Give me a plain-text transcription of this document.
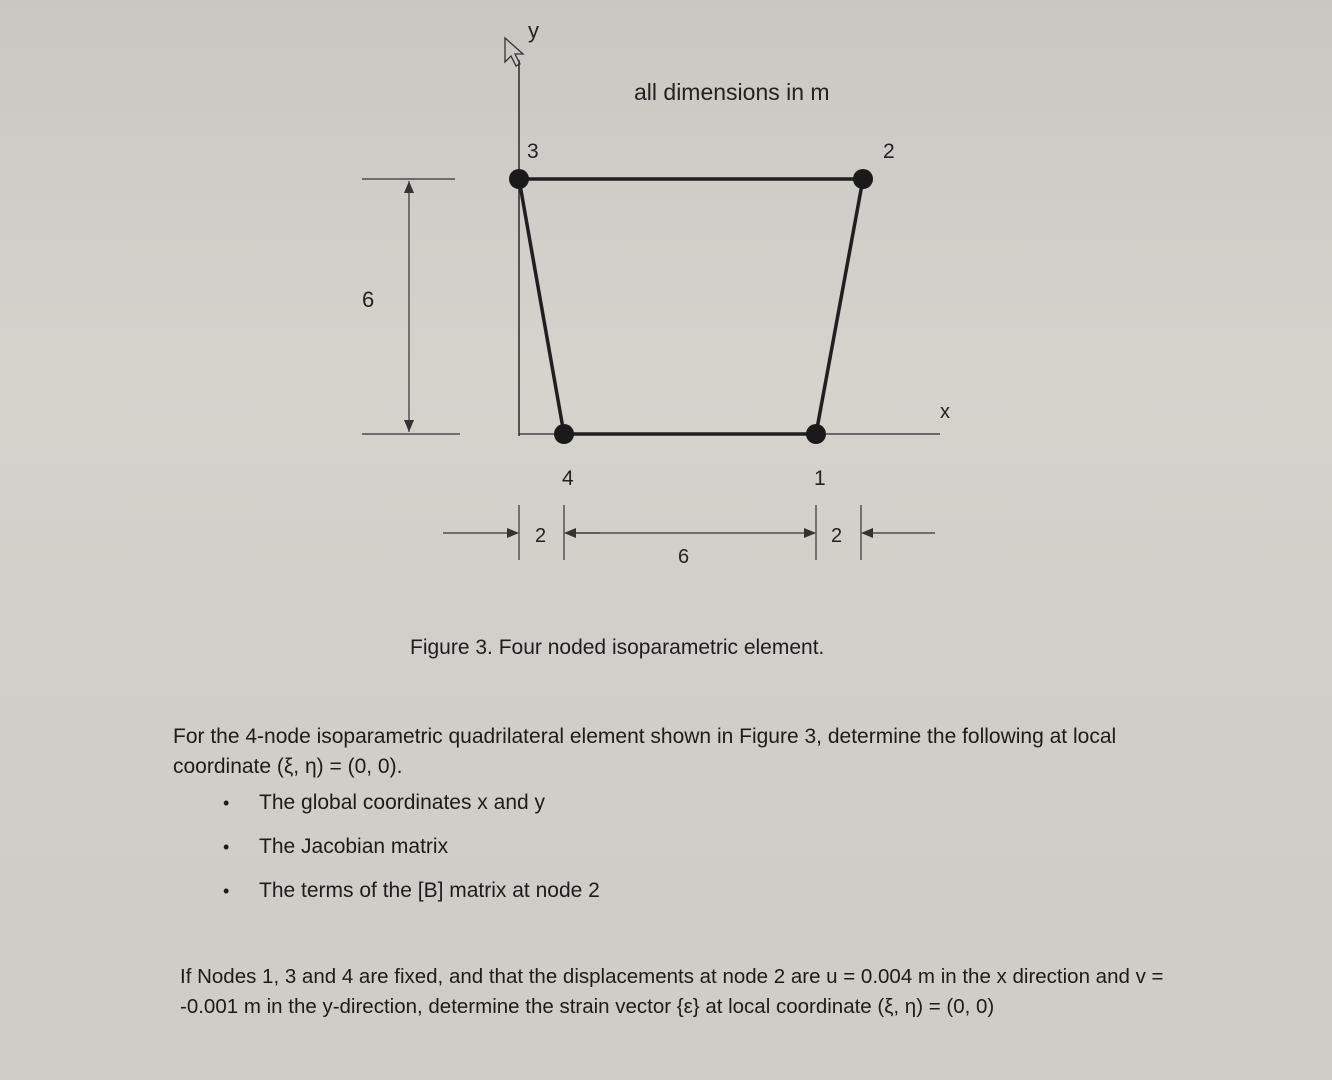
y
x
all dimensions in m
6
3	2
4	1
2
6
2
Figure 3. Four noded isoparametric element.

For the 4-node isoparametric quadrilateral element shown in Figure 3, determine the following at local coordinate (ξ, η) = (0, 0).

• The global coordinates x and y
• The Jacobian matrix
• The terms of the [B] matrix at node 2

If Nodes 1, 3 and 4 are fixed, and that the displacements at node 2 are u = 0.004 m in the x direction and v = -0.001 m in the y-direction, determine the strain vector {ε} at local coordinate (ξ, η) = (0, 0)
